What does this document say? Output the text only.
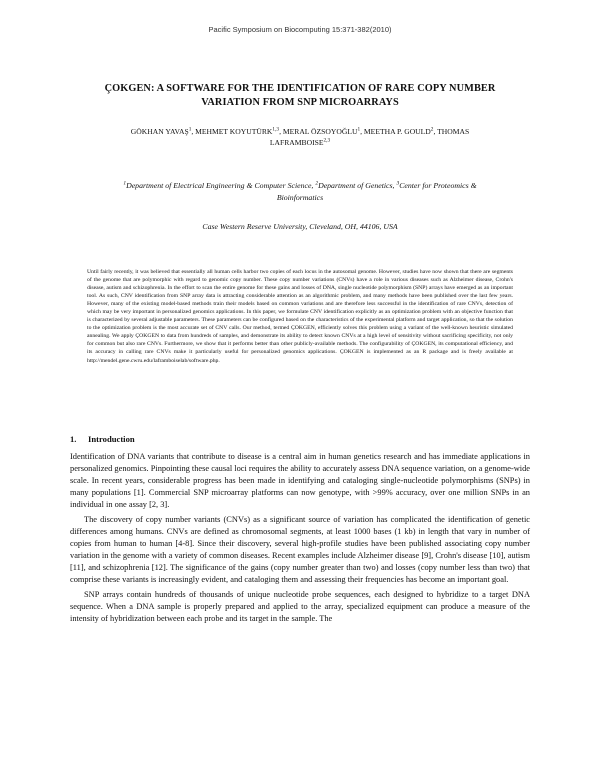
Pacific Symposium on Biocomputing 15:371-382(2010)
ÇOKGEN: A SOFTWARE FOR THE IDENTIFICATION OF RARE COPY NUMBER
VARIATION FROM SNP MICROARRAYS
GÖKHAN YAVAŞ$^1$, MEHMET KOYUTÜRK$^{1,3}$, MERAL ÖZSOYOĞLU$^1$, MEETHA P. GOULD$^2$, THOMAS LAFRAMBOISE$^{2,3}$
$^1$Department of Electrical Engineering & Computer Science, $^2$Department of Genetics, $^3$Center for Proteomics & Bioinformatics
Case Western Reserve University, Cleveland, OH, 44106, USA
Until fairly recently, it was believed that essentially all human cells harbor two copies of each locus in the autosomal genome. However, studies have now shown that there are segments of the genome that are polymorphic with regard to genomic copy number. These copy number variations (CNVs) have a role in various diseases such as Alzheimer disease, Crohn's disease, autism and schizophrenia. In the effort to scan the entire genome for these gains and losses of DNA, single nucleotide polymorphism (SNP) arrays have emerged as an important tool. As such, CNV identification from SNP array data is attracting considerable attention as an algorithmic problem, and many methods have been published over the last few years. However, many of the existing model-based methods train their models based on common variations and are therefore less successful in the identification of rare CNVs, detection of which may be very important in personalized genomics applications. In this paper, we formulate CNV identification explicitly as an optimization problem with an objective function that is characterized by several adjustable parameters. These parameters can be configured based on the characteristics of the experimental platform and target application, so that the solution to the optimization problem is the most accurate set of CNV calls. Our method, termed ÇOKGEN, efficiently solves this problem using a variant of the well-known heuristic simulated annealing. We apply ÇOKGEN to data from hundreds of samples, and demonstrate its ability to detect known CNVs at a high level of sensitivity without sacrificing specificity, not only for common but also rare CNVs. Furthermore, we show that it performs better than other publicly-available methods. The configurability of ÇOKGEN, its computational efficiency, and its accuracy in calling rare CNVs make it particularly useful for personalized genomics applications. ÇOKGEN is implemented as an R package and is freely available at http://mendel.gene.cwru.edu/laframboiselab/software.php.
1. Introduction

Identification of DNA variants that contribute to disease is a central aim in human genetics research and has immediate applications in personalized genomics. Pinpointing these causal loci requires the ability to accurately assess DNA sequence variation, on a genome-wide scale. In recent years, considerable progress has been made in identifying and cataloging single-nucleotide polymorphisms (SNPs) in many populations [1]. Commercial SNP microarray platforms can now genotype, with >99% accuracy, over one million SNPs in an individual in one assay [2, 3].

The discovery of copy number variants (CNVs) as a significant source of variation has complicated the identification of genetic differences among humans. CNVs are defined as chromosomal segments, at least 1000 bases (1 kb) in length that vary in number of copies from human to human [4-8]. Since their discovery, several high-profile studies have been published associating copy number variation in the genome with a variety of common diseases. Recent examples include Alzheimer disease [9], Crohn's disease [10], autism [11], and schizophrenia [12]. The significance of the gains (copy number greater than two) and losses (copy number less than two) that comprise these variants is increasingly evident, and cataloging them and assessing their frequencies has become an important goal.

SNP arrays contain hundreds of thousands of unique nucleotide probe sequences, each designed to hybridize to a target DNA sequence. When a DNA sample is properly prepared and applied to the array, specialized equipment can produce a measure of the intensity of hybridization between each probe and its target in the sample. The
